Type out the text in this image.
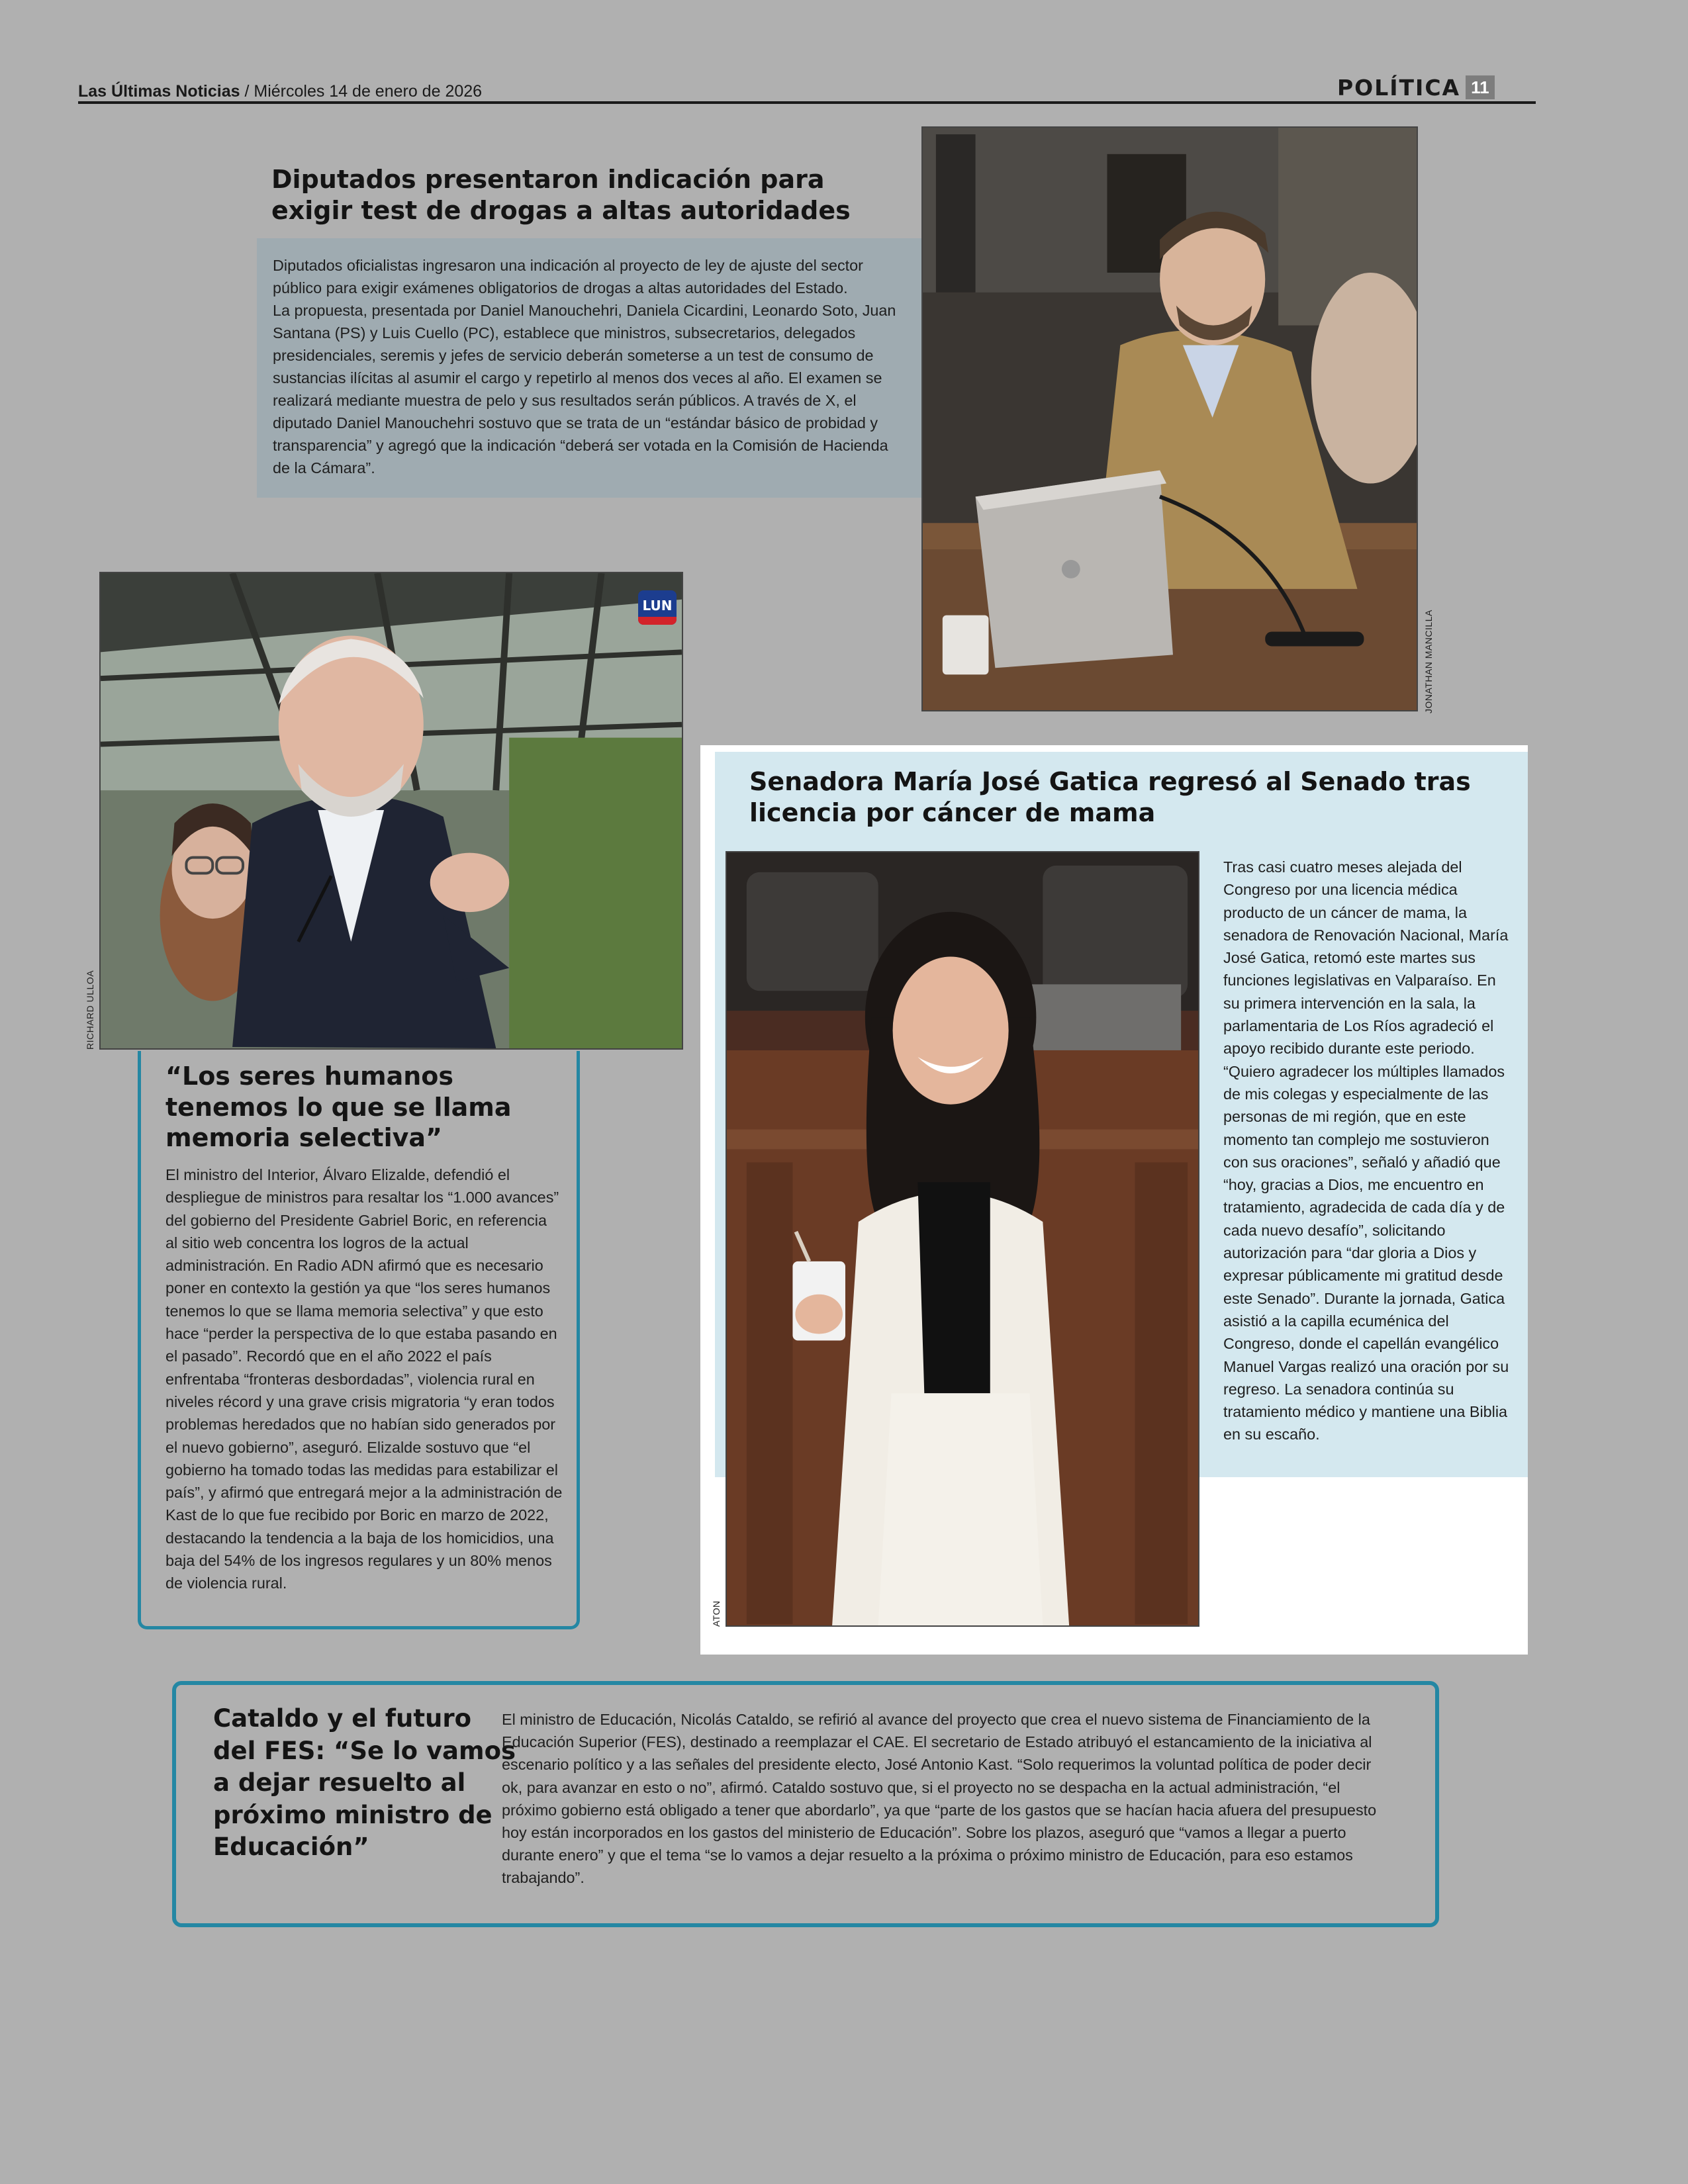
Las Últimas Noticias / Miércoles 14 de enero de 2026	POLÍTICA 11
Diputados presentaron indicación para exigir test de drogas a altas autoridades

Diputados oficialistas ingresaron una indicación al proyecto de ley de ajuste del sector público para exigir exámenes obligatorios de drogas a altas autoridades del Estado.

La propuesta, presentada por Daniel Manouchehri, Daniela Cicardini, Leonardo Soto, Juan Santana (PS) y Luis Cuello (PC), establece que ministros, subsecretarios, delegados presidenciales, seremis y jefes de servicio deberán someterse a un test de consumo de sustancias ilícitas al asumir el cargo y repetirlo al menos dos veces al año. El examen se realizará mediante muestra de pelo y sus resultados serán públicos. A través de X, el diputado Daniel Manouchehri sostuvo que se trata de un “estándar básico de probidad y transparencia” y agregó que la indicación “deberá ser votada en la Comisión de Hacienda de la Cámara”.

JONATHAN MANCILLA
LUN
RICHARD ULLOA
“Los seres humanos tenemos lo que se llama memoria selectiva”

El ministro del Interior, Álvaro Elizalde, defendió el despliegue de ministros para resaltar los “1.000 avances” del gobierno del Presidente Gabriel Boric, en referencia al sitio web concentra los logros de la actual administración. En Radio ADN afirmó que es necesario poner en contexto la gestión ya que “los seres humanos tenemos lo que se llama memoria selectiva” y que esto hace “perder la perspectiva de lo que estaba pasando en el pasado”. Recordó que en el año 2022 el país enfrentaba “fronteras desbordadas”, violencia rural en niveles récord y una grave crisis migratoria “y eran todos problemas heredados que no habían sido generados por el nuevo gobierno”, aseguró. Elizalde sostuvo que “el gobierno ha tomado todas las medidas para estabilizar el país”, y afirmó que entregará mejor a la administración de Kast de lo que fue recibido por Boric en marzo de 2022, destacando la tendencia a la baja de los homicidios, una baja del 54% de los ingresos regulares y un 80% menos de violencia rural.

Senadora María José Gatica regresó al Senado tras licencia por cáncer de mama
ATON

Tras casi cuatro meses alejada del Congreso por una licencia médica producto de un cáncer de mama, la senadora de Renovación Nacional, María José Gatica, retomó este martes sus funciones legislativas en Valparaíso. En su primera intervención en la sala, la parlamentaria de Los Ríos agradeció el apoyo recibido durante este periodo. “Quiero agradecer los múltiples llamados de mis colegas y especialmente de las personas de mi región, que en este momento tan complejo me sostuvieron con sus oraciones”, señaló y añadió que “hoy, gracias a Dios, me encuentro en tratamiento, agradecida de cada día y de cada nuevo desafío”, solicitando autorización para “dar gloria a Dios y expresar públicamente mi gratitud desde este Senado”. Durante la jornada, Gatica asistió a la capilla ecuménica del Congreso, donde el capellán evangélico Manuel Vargas realizó una oración por su regreso. La senadora continúa su tratamiento médico y mantiene una Biblia en su escaño.

Cataldo y el futuro del FES: “Se lo vamos a dejar resuelto al próximo ministro de Educación”

El ministro de Educación, Nicolás Cataldo, se refirió al avance del proyecto que crea el nuevo sistema de Financiamiento de la Educación Superior (FES), destinado a reemplazar el CAE. El secretario de Estado atribuyó el estancamiento de la iniciativa al escenario político y a las señales del presidente electo, José Antonio Kast. “Solo requerimos la voluntad política de poder decir ok, para avanzar en esto o no”, afirmó. Cataldo sostuvo que, si el proyecto no se despacha en la actual administración, “el próximo gobierno está obligado a tener que abordarlo”, ya que “parte de los gastos que se hacían hacia afuera del presupuesto hoy están incorporados en los gastos del ministerio de Educación”. Sobre los plazos, aseguró que “vamos a llegar a puerto durante enero” y que el tema “se lo vamos a dejar resuelto a la próxima o próximo ministro de Educación, para eso estamos trabajando”.
